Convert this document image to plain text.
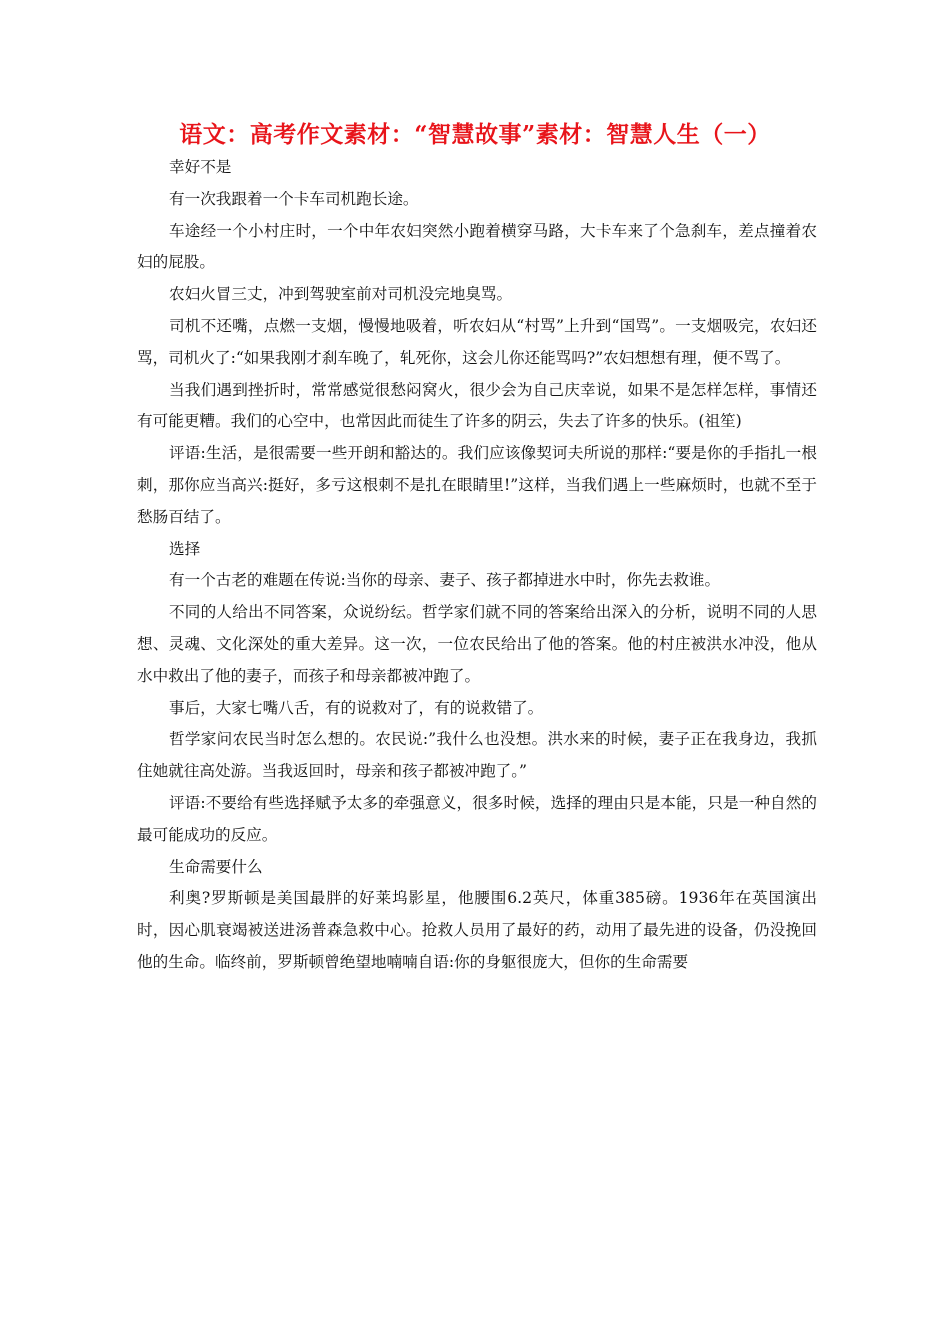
语文：高考作文素材：“智慧故事”素材：智慧人生（一）

幸好不是

有一次我跟着一个卡车司机跑长途。

车途经一个小村庄时，一个中年农妇突然小跑着横穿马路，大卡车来了个急刹车，差点撞着农妇的屁股。

农妇火冒三丈，冲到驾驶室前对司机没完地臭骂。

司机不还嘴，点燃一支烟，慢慢地吸着，听农妇从“村骂”上升到“国骂”。一支烟吸完，农妇还骂，司机火了:“如果我刚才刹车晚了，轧死你，这会儿你还能骂吗?”农妇想想有理，便不骂了。

当我们遇到挫折时，常常感觉很愁闷窝火，很少会为自己庆幸说，如果不是怎样怎样，事情还有可能更糟。我们的心空中，也常因此而徒生了许多的阴云，失去了许多的快乐。(祖笙)

评语:生活，是很需要一些开朗和豁达的。我们应该像契诃夫所说的那样:“要是你的手指扎一根刺，那你应当高兴:挺好，多亏这根刺不是扎在眼睛里!”这样，当我们遇上一些麻烦时，也就不至于愁肠百结了。

选择

有一个古老的难题在传说:当你的母亲、妻子、孩子都掉进水中时，你先去救谁。

不同的人给出不同答案，众说纷纭。哲学家们就不同的答案给出深入的分析，说明不同的人思想、灵魂、文化深处的重大差异。这一次，一位农民给出了他的答案。他的村庄被洪水冲没，他从水中救出了他的妻子，而孩子和母亲都被冲跑了。

事后，大家七嘴八舌，有的说救对了，有的说救错了。

哲学家问农民当时怎么想的。农民说:”我什么也没想。洪水来的时候，妻子正在我身边，我抓住她就往高处游。当我返回时，母亲和孩子都被冲跑了。”

评语:不要给有些选择赋予太多的牵强意义，很多时候，选择的理由只是本能，只是一种自然的最可能成功的反应。

生命需要什么

利奥?罗斯顿是美国最胖的好莱坞影星，他腰围6.2英尺，体重385磅。1936年在英国演出时，因心肌衰竭被送进汤普森急救中心。抢救人员用了最好的药，动用了最先进的设备，仍没挽回他的生命。临终前，罗斯顿曾绝望地喃喃自语:你的身躯很庞大，但你的生命需要
